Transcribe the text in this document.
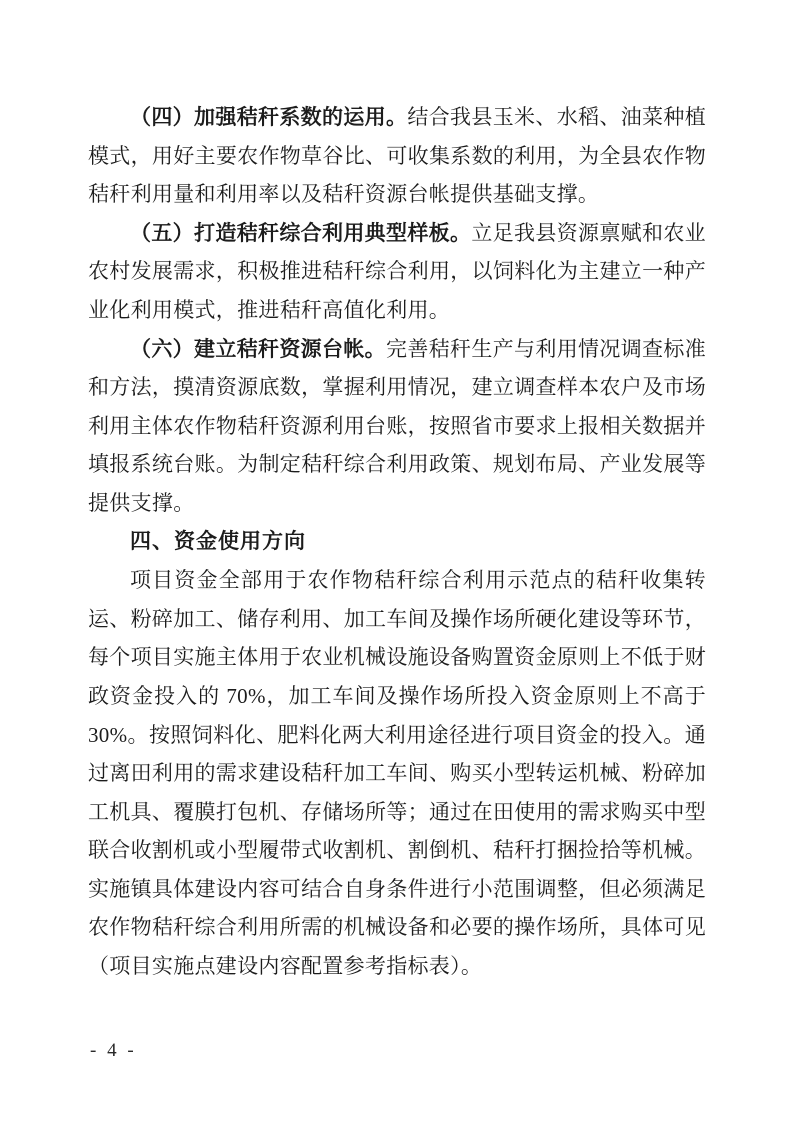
（四）加强秸秆系数的运用。结合我县玉米、水稻、油菜种植模式，用好主要农作物草谷比、可收集系数的利用，为全县农作物秸秆利用量和利用率以及秸秆资源台帐提供基础支撑。

（五）打造秸秆综合利用典型样板。立足我县资源禀赋和农业农村发展需求，积极推进秸秆综合利用，以饲料化为主建立一种产业化利用模式，推进秸秆高值化利用。

（六）建立秸秆资源台帐。完善秸秆生产与利用情况调查标准和方法，摸清资源底数，掌握利用情况，建立调查样本农户及市场利用主体农作物秸秆资源利用台账，按照省市要求上报相关数据并填报系统台账。为制定秸秆综合利用政策、规划布局、产业发展等提供支撑。

四、资金使用方向

项目资金全部用于农作物秸秆综合利用示范点的秸秆收集转运、粉碎加工、储存利用、加工车间及操作场所硬化建设等环节，每个项目实施主体用于农业机械设施设备购置资金原则上不低于财政资金投入的 70%，加工车间及操作场所投入资金原则上不高于30%。按照饲料化、肥料化两大利用途径进行项目资金的投入。通过离田利用的需求建设秸秆加工车间、购买小型转运机械、粉碎加工机具、覆膜打包机、存储场所等；通过在田使用的需求购买中型联合收割机或小型履带式收割机、割倒机、秸秆打捆捡拾等机械。实施镇具体建设内容可结合自身条件进行小范围调整，但必须满足农作物秸秆综合利用所需的机械设备和必要的操作场所，具体可见（项目实施点建设内容配置参考指标表）。

- 4 -
